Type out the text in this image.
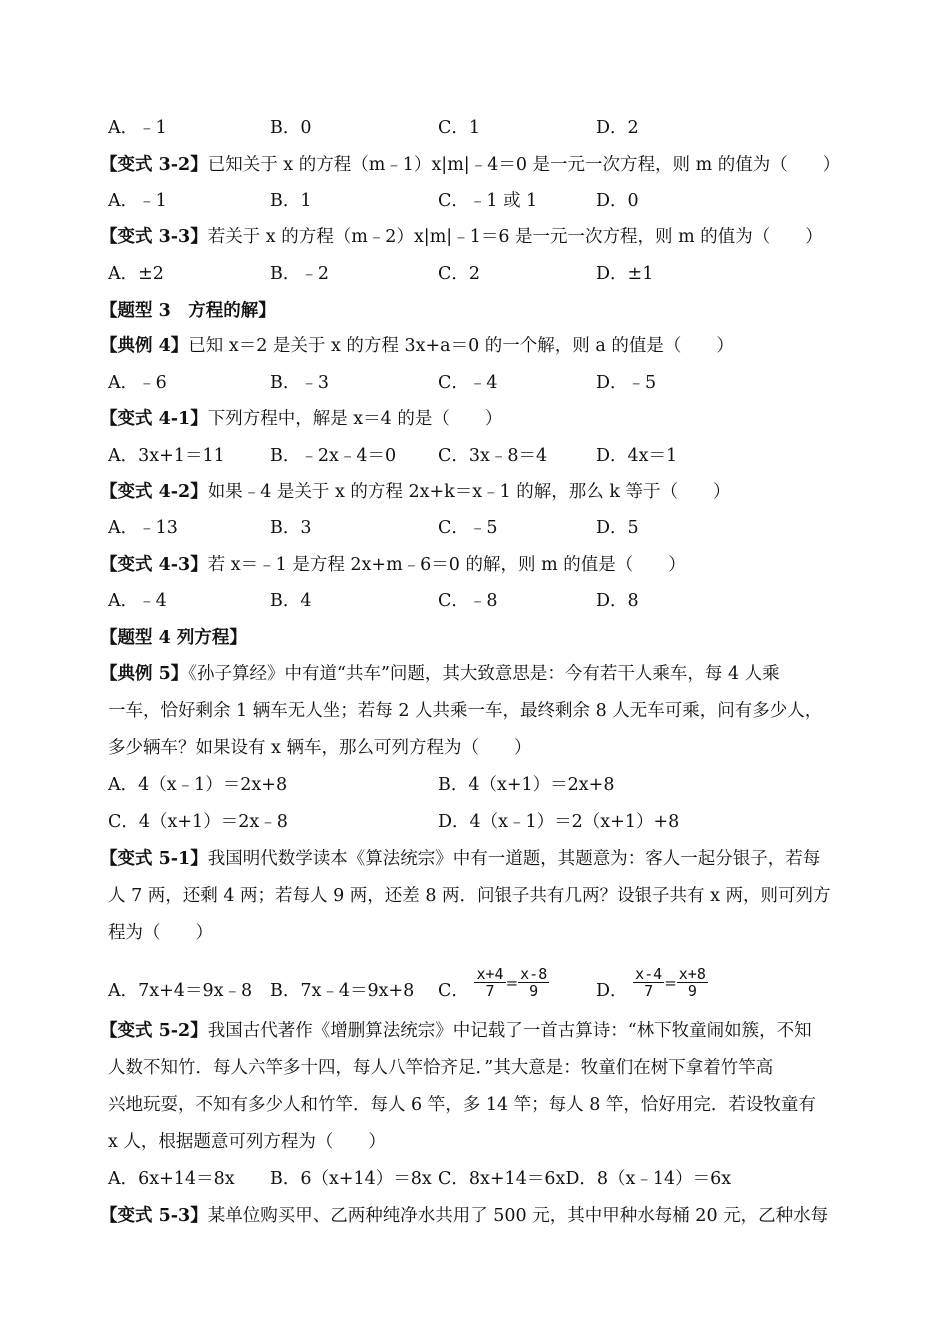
A．﹣1	B．0	C．1	D．2
【变式 3-2】已知关于 x 的方程（m﹣1）x|m|﹣4＝0 是一元一次方程，则 m 的值为（　　）
A．﹣1	B．1	C．﹣1 或 1	D．0
【变式 3-3】若关于 x 的方程（m﹣2）x|m|﹣1＝6 是一元一次方程，则 m 的值为（　　）
A．±2	B．﹣2	C．2	D．±1
【题型 3　方程的解】
【典例 4】已知 x＝2 是关于 x 的方程 3x+a＝0 的一个解，则 a 的值是（　　）
A．﹣6	B．﹣3	C．﹣4	D．﹣5
【变式 4-1】下列方程中，解是 x＝4 的是（　　）
A．3x+1＝11	B．﹣2x﹣4＝0 C．3x﹣8＝4	D．4x＝1
【变式 4-2】如果﹣4 是关于 x 的方程 2x+k＝x﹣1 的解，那么 k 等于（　　）
A．﹣13	B．3	C．﹣5	D．5
【变式 4-3】若 x＝﹣1 是方程 2x+m﹣6＝0 的解，则 m 的值是（　　）
A．﹣4	B．4	C．﹣8	D．8
【题型 4 列方程】
【典例 5】《孙子算经》中有道“共车”问题，其大致意思是：今有若干人乘车，每 4 人乘
一车，恰好剩余 1 辆车无人坐；若每 2 人共乘一车，最终剩余 8 人无车可乘，问有多少人，
多少辆车？如果设有 x 辆车，那么可列方程为（　　）
A．4（x﹣1）＝2x+8	B．4（x+1）＝2x+8
C．4（x+1）＝2x﹣8	D．4（x﹣1）＝2（x+1）+8
【变式 5-1】我国明代数学读本《算法统宗》中有一道题，其题意为：客人一起分银子，若每
人 7 两，还剩 4 两；若每人 9 两，还差 8 两．问银子共有几两？设银子共有 x 两，则可列方
程为（　　）
【变式 5-2】我国古代著作《增删算法统宗》中记载了一首古算诗：“林下牧童闹如簇，不知
人数不知竹．每人六竿多十四，每人八竿恰齐足．”其大意是：牧童们在树下拿着竹竿高
兴地玩耍，不知有多少人和竹竿．每人 6 竿，多 14 竿；每人 8 竿，恰好用完．若设牧童有
x 人，根据题意可列方程为（　　）
A．6x+14＝8x B．6（x+14）＝8x C．8x+14＝6xD．8（x﹣14）＝6x
【变式 5-3】某单位购买甲、乙两种纯净水共用了 500 元，其中甲种水每桶 20 元，乙种水每
A．7x+4＝9x﹣8 B．7x﹣4＝9x+8 C． $\frac{x+4}{7} = \frac{x-8}{9}$	D． $\frac{x-4}{7} = \frac{x+8}{9}$
